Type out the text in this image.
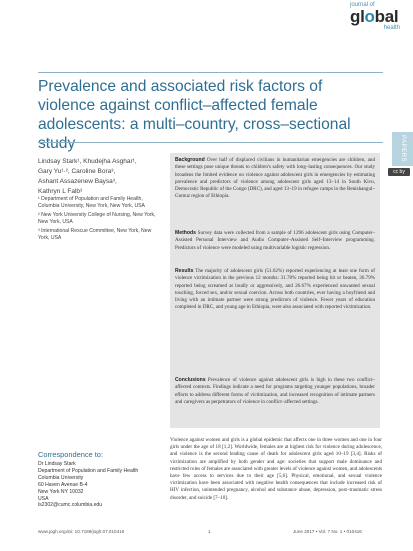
journal of
global
health
Prevalence and associated risk factors of violence against conflict–affected female adolescents: a multi–country, cross–sectional study	PAPERS
cc by
Lindsay Stark¹, Khudejha Asghar¹,
Gary Yu¹·², Caroline Bora³,
Ashant Assazenew Baysa³,
Kathryn L Falb³
¹ Department of Population and Family Health, Columbia University, New York, New York, USA
² New York University College of Nursing, New York, New York, USA
³ International Rescue Committee, New York, New York, USA
Background Over half of displaced civilians in humanitarian emergencies are children, and these settings pose unique threats to children's safety with long–lasting consequences. Our study broadens the limited evidence on violence against adolescent girls in emergencies by estimating prevalence and predictors of violence among adolescent girls aged 13–14 in South Kivu, Democratic Republic of the Congo (DRC), and aged 13–19 in refugee camps in the Benishangul–Gumuz region of Ethiopia.
Methods Survey data were collected from a sample of 1296 adolescent girls using Computer–Assisted Personal Interview and Audio Computer–Assisted Self–Interview programming. Predictors of violence were modeled using multivariable logistic regression.
Results The majority of adolescent girls (51.62%) reported experiencing at least one form of violence victimization in the previous 12 months: 31.78% reported being hit or beaten, 36.79% reported being screamed at loudly or aggressively, and 26.67% experienced unwanted sexual touching, forced sex, and/or sexual coercion. Across both countries, ever having a boyfriend and living with an intimate partner were strong predictors of violence. Fewer years of education completed in DRC, and young age in Ethiopia, were also associated with reported victimization.
Conclusions Prevalence of violence against adolescent girls is high in these two conflict–affected contexts. Findings indicate a need for programs targeting younger populations, broader efforts to address different forms of victimization, and increased recognition of intimate partners and caregivers as perpetrators of violence in conflict–affected settings.
Correspondence to:
Dr Lindsay Stark
Department of Population and Family Health
Columbia University
60 Haven Avenue B-4
New York NY 10032
USA
ls2302@cumc.columbia.edu
Violence against women and girls is a global epidemic that affects one in three women and one in four girls under the age of 18 [1,2]. Worldwide, females are at highest risk for violence during adolescence, and violence is the second leading cause of death for adolescent girls aged 10–19 [3,4]. Risks of victimization are amplified by both gender and age: societies that support male dominance and restricted roles of females are associated with greater levels of violence against women, and adolescents have few access to services due to their age [5,6]. Physical, emotional, and sexual violence victimization have been associated with negative health consequences that include increased risk of HIV infection, unintended pregnancy, alcohol and substance abuse, depression, post–traumatic stress disorder, and suicide [7–10].
www.jogh.org doi: 10.7189/jogh.07.010416	1	June 2017 • Vol. 7 No. 1 • 010416
